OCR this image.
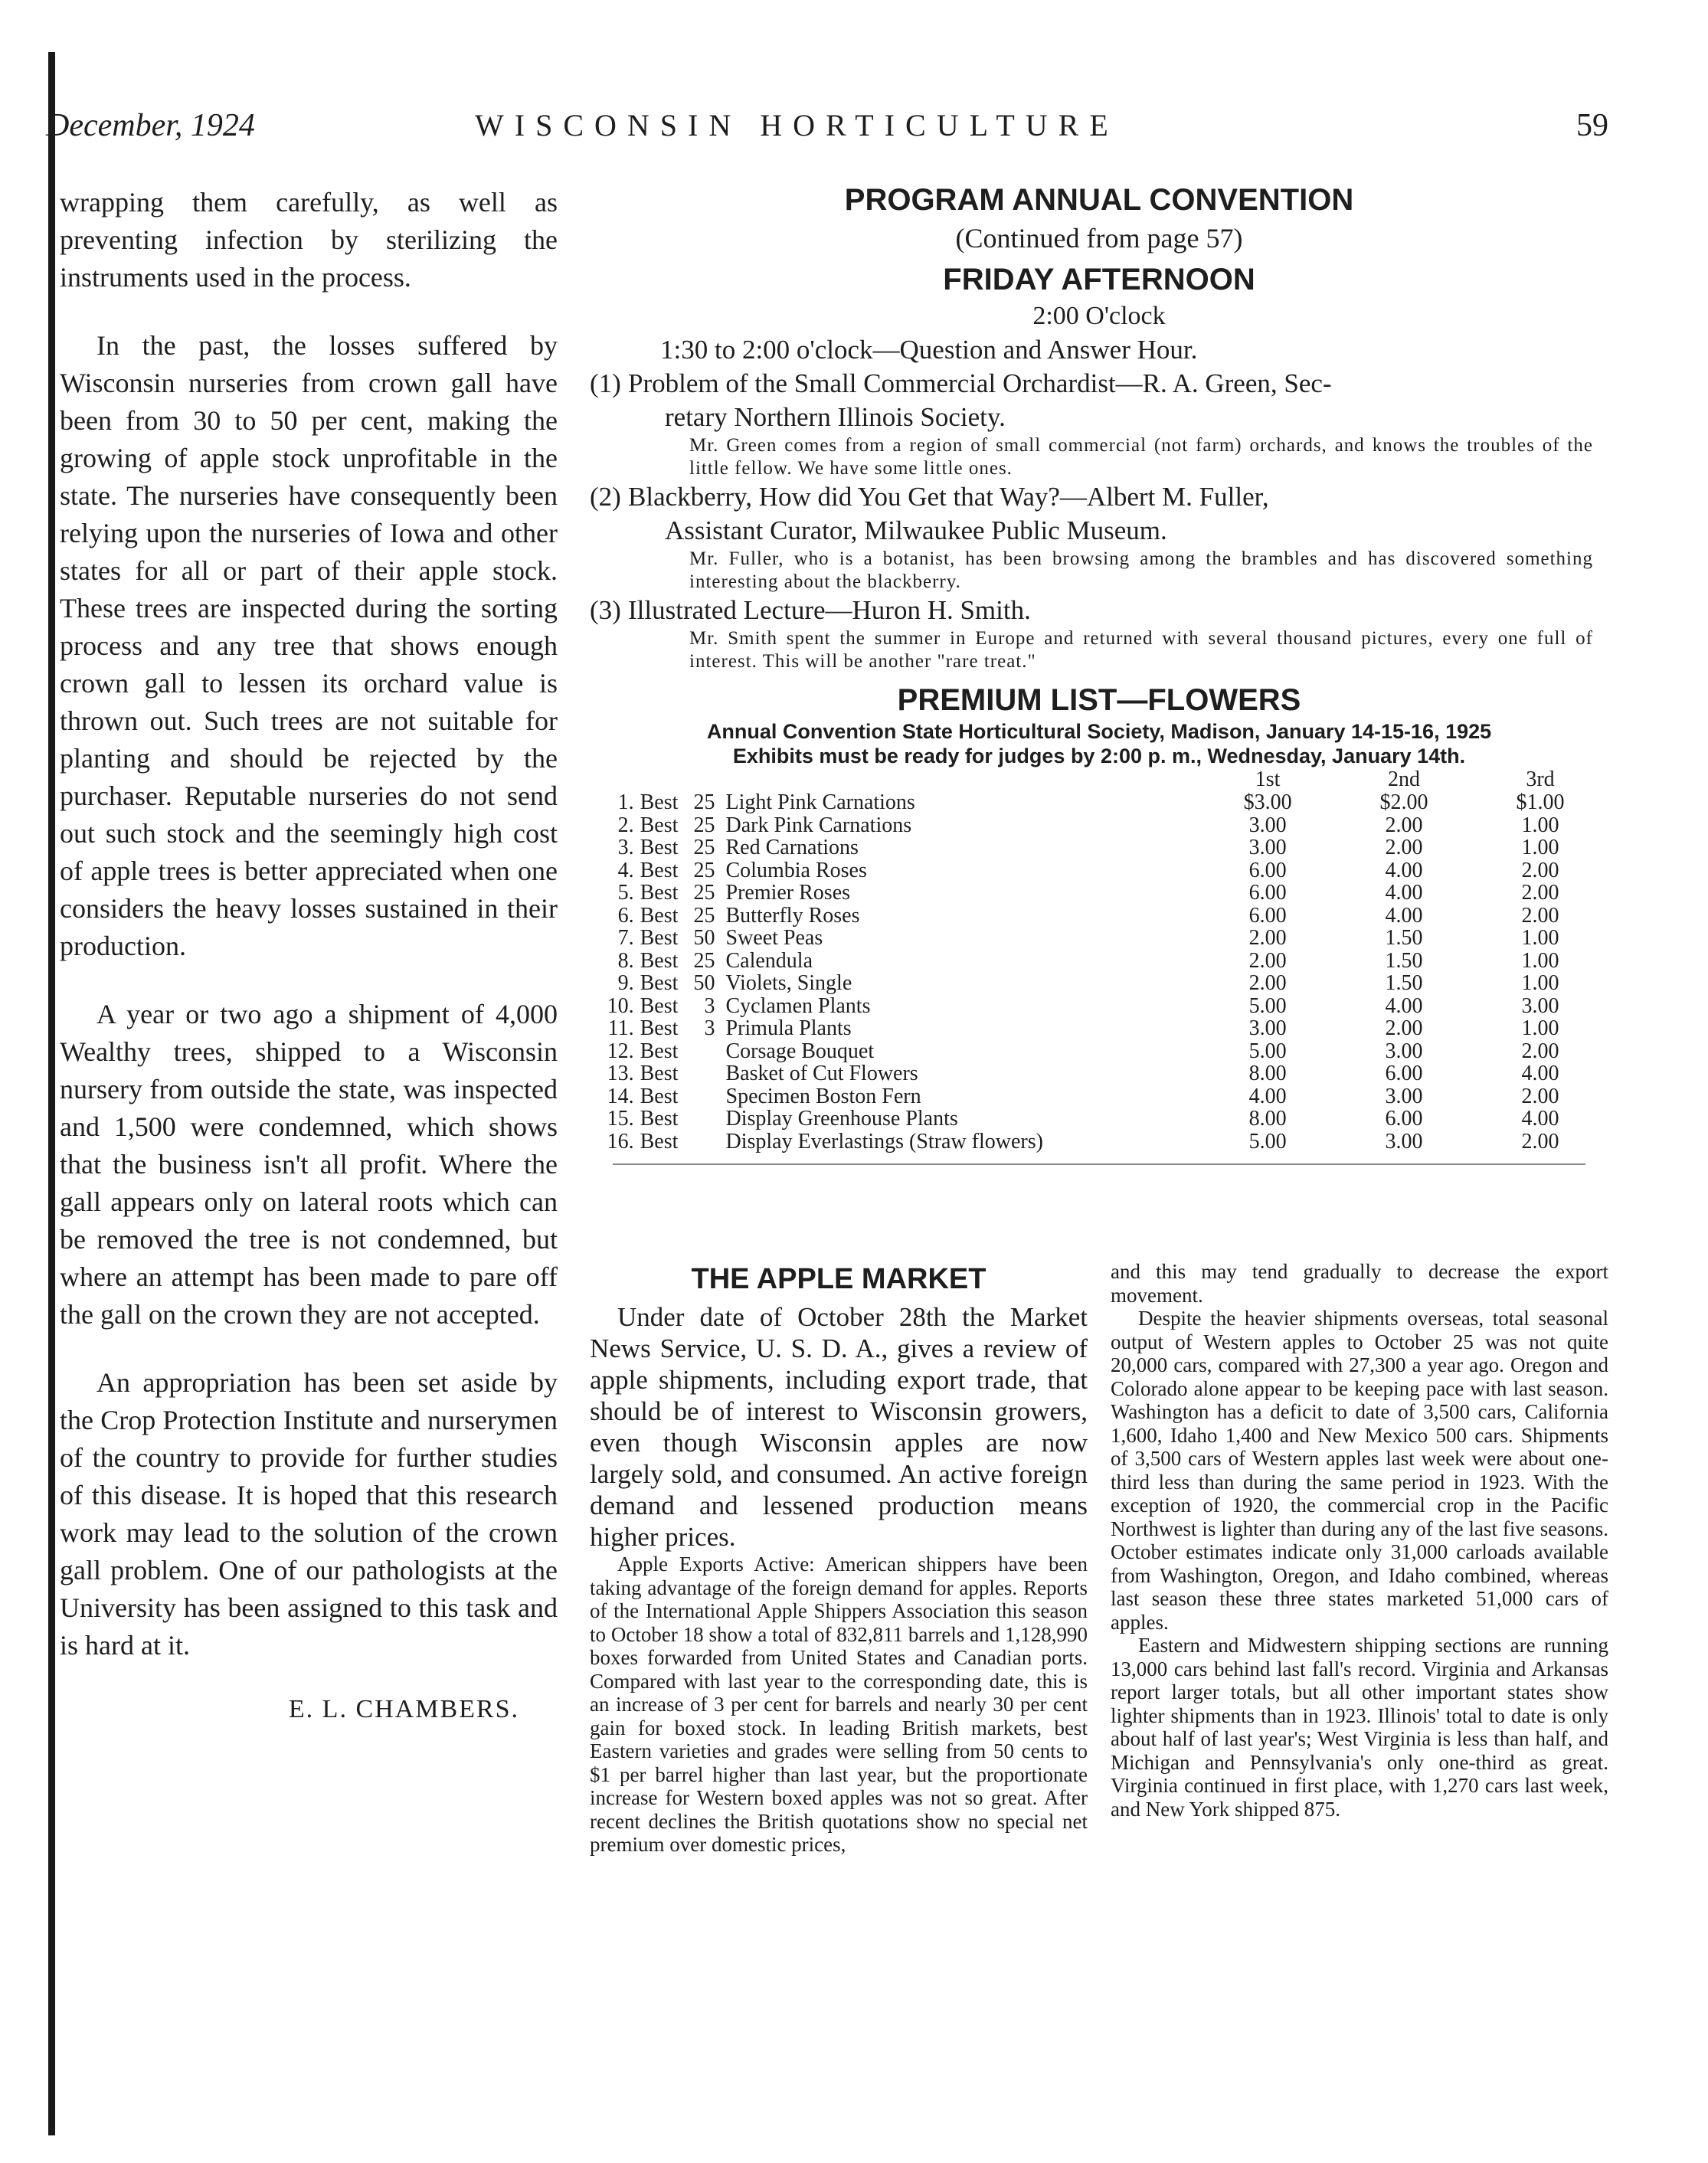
December, 1924	WISCONSIN HORTICULTURE	59

wrapping them carefully, as well as preventing infection by sterilizing the instruments used in the process.

In the past, the losses suffered by Wisconsin nurseries from crown gall have been from 30 to 50 per cent, making the growing of apple stock unprofitable in the state. The nurseries have consequently been relying upon the nurseries of Iowa and other states for all or part of their apple stock. These trees are inspected during the sorting process and any tree that shows enough crown gall to lessen its orchard value is thrown out. Such trees are not suitable for planting and should be rejected by the purchaser. Reputable nurseries do not send out such stock and the seemingly high cost of apple trees is better appreciated when one considers the heavy losses sustained in their production.

A year or two ago a shipment of 4,000 Wealthy trees, shipped to a Wisconsin nursery from outside the state, was inspected and 1,500 were condemned, which shows that the business isn't all profit. Where the gall appears only on lateral roots which can be removed the tree is not condemned, but where an attempt has been made to pare off the gall on the crown they are not accepted.

An appropriation has been set aside by the Crop Protection Institute and nurserymen of the country to provide for further studies of this disease. It is hoped that this research work may lead to the solution of the crown gall problem. One of our pathologists at the University has been assigned to this task and is hard at it.

E. L. CHAMBERS.
PROGRAM ANNUAL CONVENTION
(Continued from page 57)
FRIDAY AFTERNOON
2:00 O'clock

1:30 to 2:00 o'clock—Question and Answer Hour.

(1) Problem of the Small Commercial Orchardist—R. A. Green, Sec-
retary Northern Illinois Society.
Mr. Green comes from a region of small commercial (not farm) orchards, and knows the troubles of the little fellow. We have some little ones.
(2) Blackberry, How did You Get that Way?—Albert M. Fuller,
Assistant Curator, Milwaukee Public Museum.
Mr. Fuller, who is a botanist, has been browsing among the brambles and has discovered something interesting about the blackberry.
(3) Illustrated Lecture—Huron H. Smith.
Mr. Smith spent the summer in Europe and returned with several thousand pictures, every one full of interest. This will be another "rare treat."
PREMIUM LIST—FLOWERS
Annual Convention State Horticultural Society, Madison, January 14-15-16, 1925
Exhibits must be ready for judges by 2:00 p. m., Wednesday, January 14th.
				1st	2nd	3rd
1.	Best	25	Light Pink Carnations	$3.00	$2.00	$1.00
2.	Best	25	Dark Pink Carnations	3.00	2.00	1.00
3.	Best	25	Red Carnations	3.00	2.00	1.00
4.	Best	25	Columbia Roses	6.00	4.00	2.00
5.	Best	25	Premier Roses	6.00	4.00	2.00
6.	Best	25	Butterfly Roses	6.00	4.00	2.00
7.	Best	50	Sweet Peas	2.00	1.50	1.00
8.	Best	25	Calendula	2.00	1.50	1.00
9.	Best	50	Violets, Single	2.00	1.50	1.00
10.	Best	3	Cyclamen Plants	5.00	4.00	3.00
11.	Best	3	Primula Plants	3.00	2.00	1.00
12.	Best		Corsage Bouquet	5.00	3.00	2.00
13.	Best		Basket of Cut Flowers	8.00	6.00	4.00
14.	Best		Specimen Boston Fern	4.00	3.00	2.00
15.	Best		Display Greenhouse Plants	8.00	6.00	4.00
16.	Best		Display Everlastings (Straw flowers)	5.00	3.00	2.00
THE APPLE MARKET

Under date of October 28th the Market News Service, U. S. D. A., gives a review of apple shipments, including export trade, that should be of interest to Wisconsin growers, even though Wisconsin apples are now largely sold, and consumed. An active foreign demand and lessened production means higher prices.

Apple Exports Active: American shippers have been taking advantage of the foreign demand for apples. Reports of the International Apple Shippers Association this season to October 18 show a total of 832,811 barrels and 1,128,990 boxes forwarded from United States and Canadian ports. Compared with last year to the corresponding date, this is an increase of 3 per cent for barrels and nearly 30 per cent gain for boxed stock. In leading British markets, best Eastern varieties and grades were selling from 50 cents to $1 per barrel higher than last year, but the proportionate increase for Western boxed apples was not so great. After recent declines the British quotations show no special net premium over domestic prices,

and this may tend gradually to decrease the export movement.

Despite the heavier shipments overseas, total seasonal output of Western apples to October 25 was not quite 20,000 cars, compared with 27,300 a year ago. Oregon and Colorado alone appear to be keeping pace with last season. Washington has a deficit to date of 3,500 cars, California 1,600, Idaho 1,400 and New Mexico 500 cars. Shipments of 3,500 cars of Western apples last week were about one-third less than during the same period in 1923. With the exception of 1920, the commercial crop in the Pacific Northwest is lighter than during any of the last five seasons. October estimates indicate only 31,000 carloads available from Washington, Oregon, and Idaho combined, whereas last season these three states marketed 51,000 cars of apples.

Eastern and Midwestern shipping sections are running 13,000 cars behind last fall's record. Virginia and Arkansas report larger totals, but all other important states show lighter shipments than in 1923. Illinois' total to date is only about half of last year's; West Virginia is less than half, and Michigan and Pennsylvania's only one-third as great. Virginia continued in first place, with 1,270 cars last week, and New York shipped 875.
